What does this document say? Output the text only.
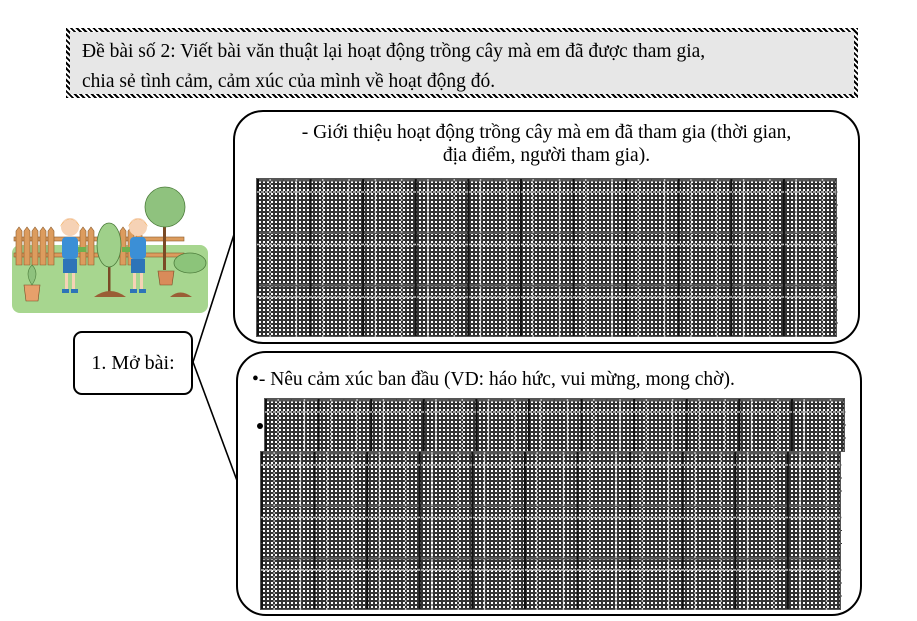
Đề bài số 2: Viết bài văn thuật lại hoạt động trồng cây mà em đã được tham gia,
chia sẻ tình cảm, cảm xúc của mình về hoạt động đó.
1. Mở bài:
- Giới thiệu hoạt động trồng cây mà em đã tham gia (thời gian,
địa điểm, người tham gia).
•- Nêu cảm xúc ban đầu (VD: háo hức, vui mừng, mong chờ).
